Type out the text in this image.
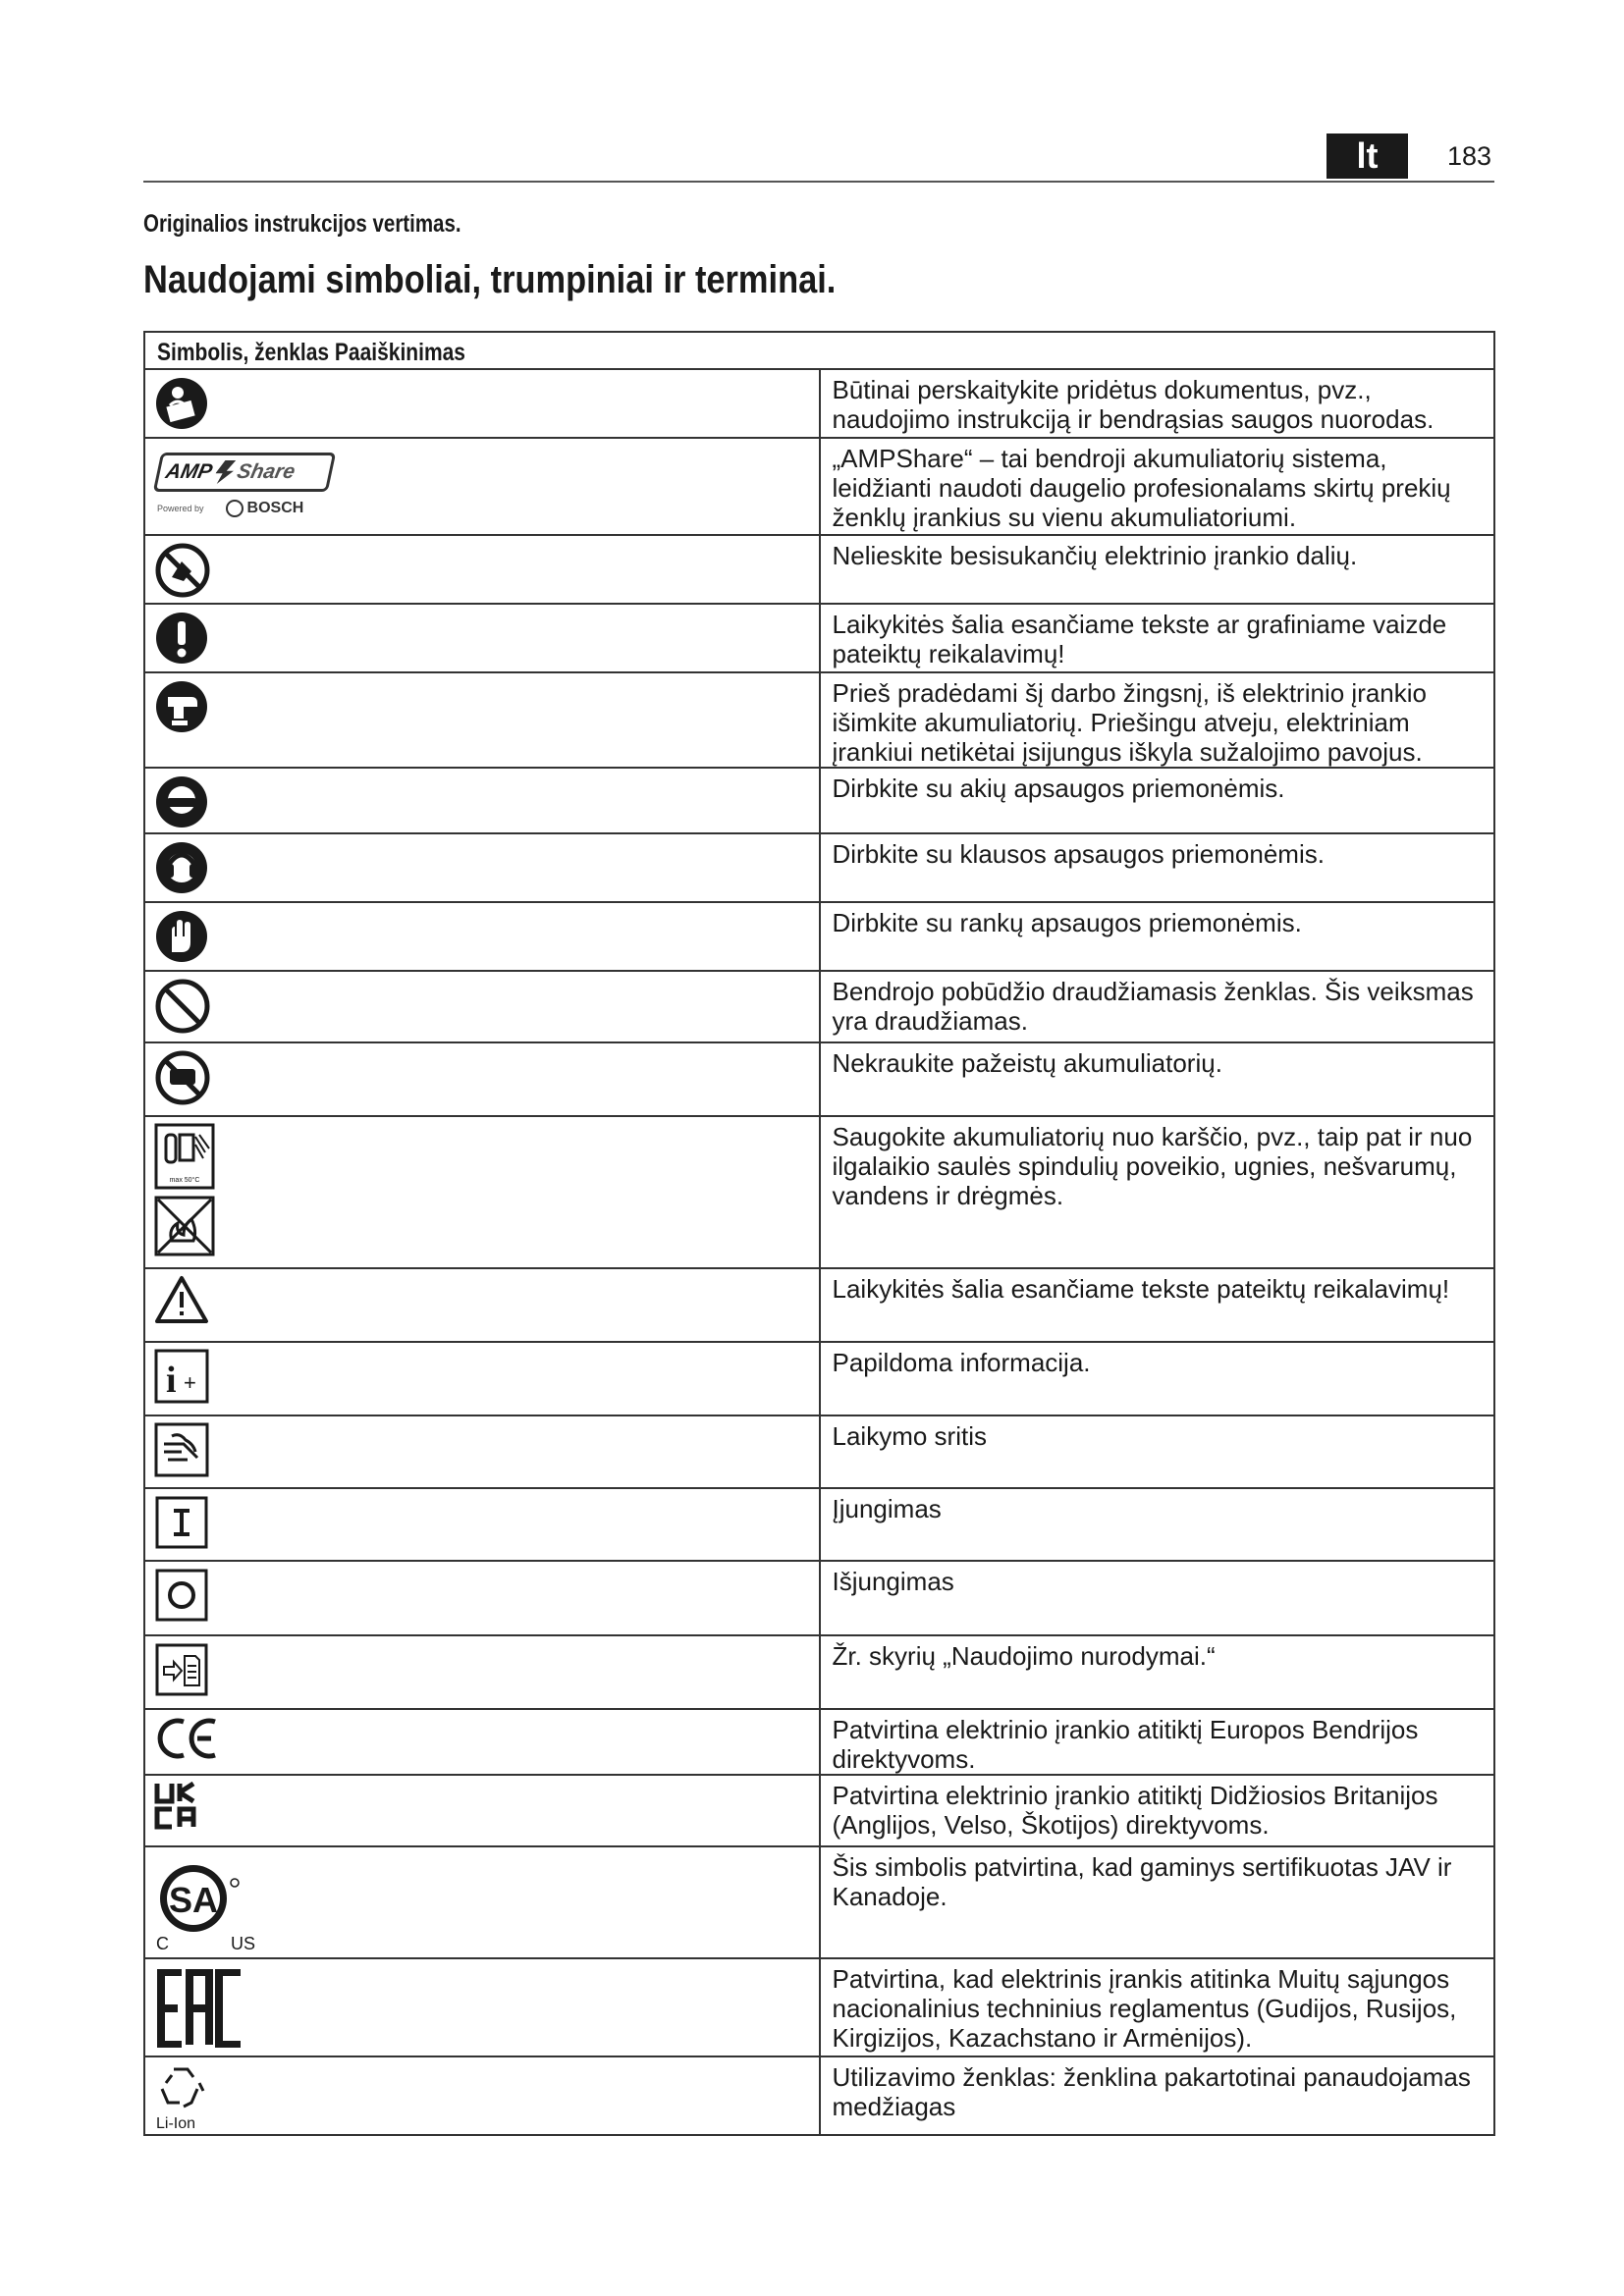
lt	183
Originalios instrukcijos vertimas.
Naudojami simboliai, trumpiniai ir terminai.
Simbolis, ženklas Paaiškinimas	

	Būtinai perskaitykite pridėtus dokumentus, pvz., naudojimo instrukciją ir bendrąsias saugos nuorodas.

AMP Share
Powered by BOSCH	„AMPShare“ – tai bendroji akumuliatorių sistema, leidžianti naudoti daugelio profesionalams skirtų prekių ženklų įrankius su vienu akumuliatoriumi.

	Nelieskite besisukančių elektrinio įrankio dalių.

	Laikykitės šalia esančiame tekste ar grafiniame vaizde pateiktų reikalavimų!

	Prieš pradėdami šį darbo žingsnį, iš elektrinio įrankio išimkite akumuliatorių. Priešingu atveju, elektriniam įrankiui netikėtai įsijungus iškyla sužalojimo pavojus.

	Dirbkite su akių apsaugos priemonėmis.

	Dirbkite su klausos apsaugos priemonėmis.

	Dirbkite su rankų apsaugos priemonėmis.

	Bendrojo pobūdžio draudžiamasis ženklas. Šis veiksmas yra draudžiamas.

	Nekraukite pažeistų akumuliatorių.

max 50°C	Saugokite akumuliatorių nuo karščio, pvz., taip pat ir nuo ilgalaikio saulės spindulių poveikio, ugnies, nešvarumų, vandens ir drėgmės.

	Laikykitės šalia esančiame tekste pateiktų reikalavimų!

i +	Papildoma informacija.

	Laikymo sritis

	Įjungimas

	Išjungimas

	Žr. skyrių „Naudojimo nurodymai.“

	Patvirtina elektrinio įrankio atitiktį Europos Bendrijos direktyvoms.

	Patvirtina elektrinio įrankio atitiktį Didžiosios Britanijos (Anglijos, Velso, Škotijos) direktyvoms.

SA
C US	Šis simbolis patvirtina, kad gaminys sertifikuotas JAV ir Kanadoje.

	Patvirtina, kad elektrinis įrankis atitinka Muitų sąjungos nacionalinius techninius reglamentus (Gudijos, Rusijos, Kirgizijos, Kazachstano ir Armėnijos).

Li-Ion	Utilizavimo ženklas: ženklina pakartotinai panaudojamas medžiagas
